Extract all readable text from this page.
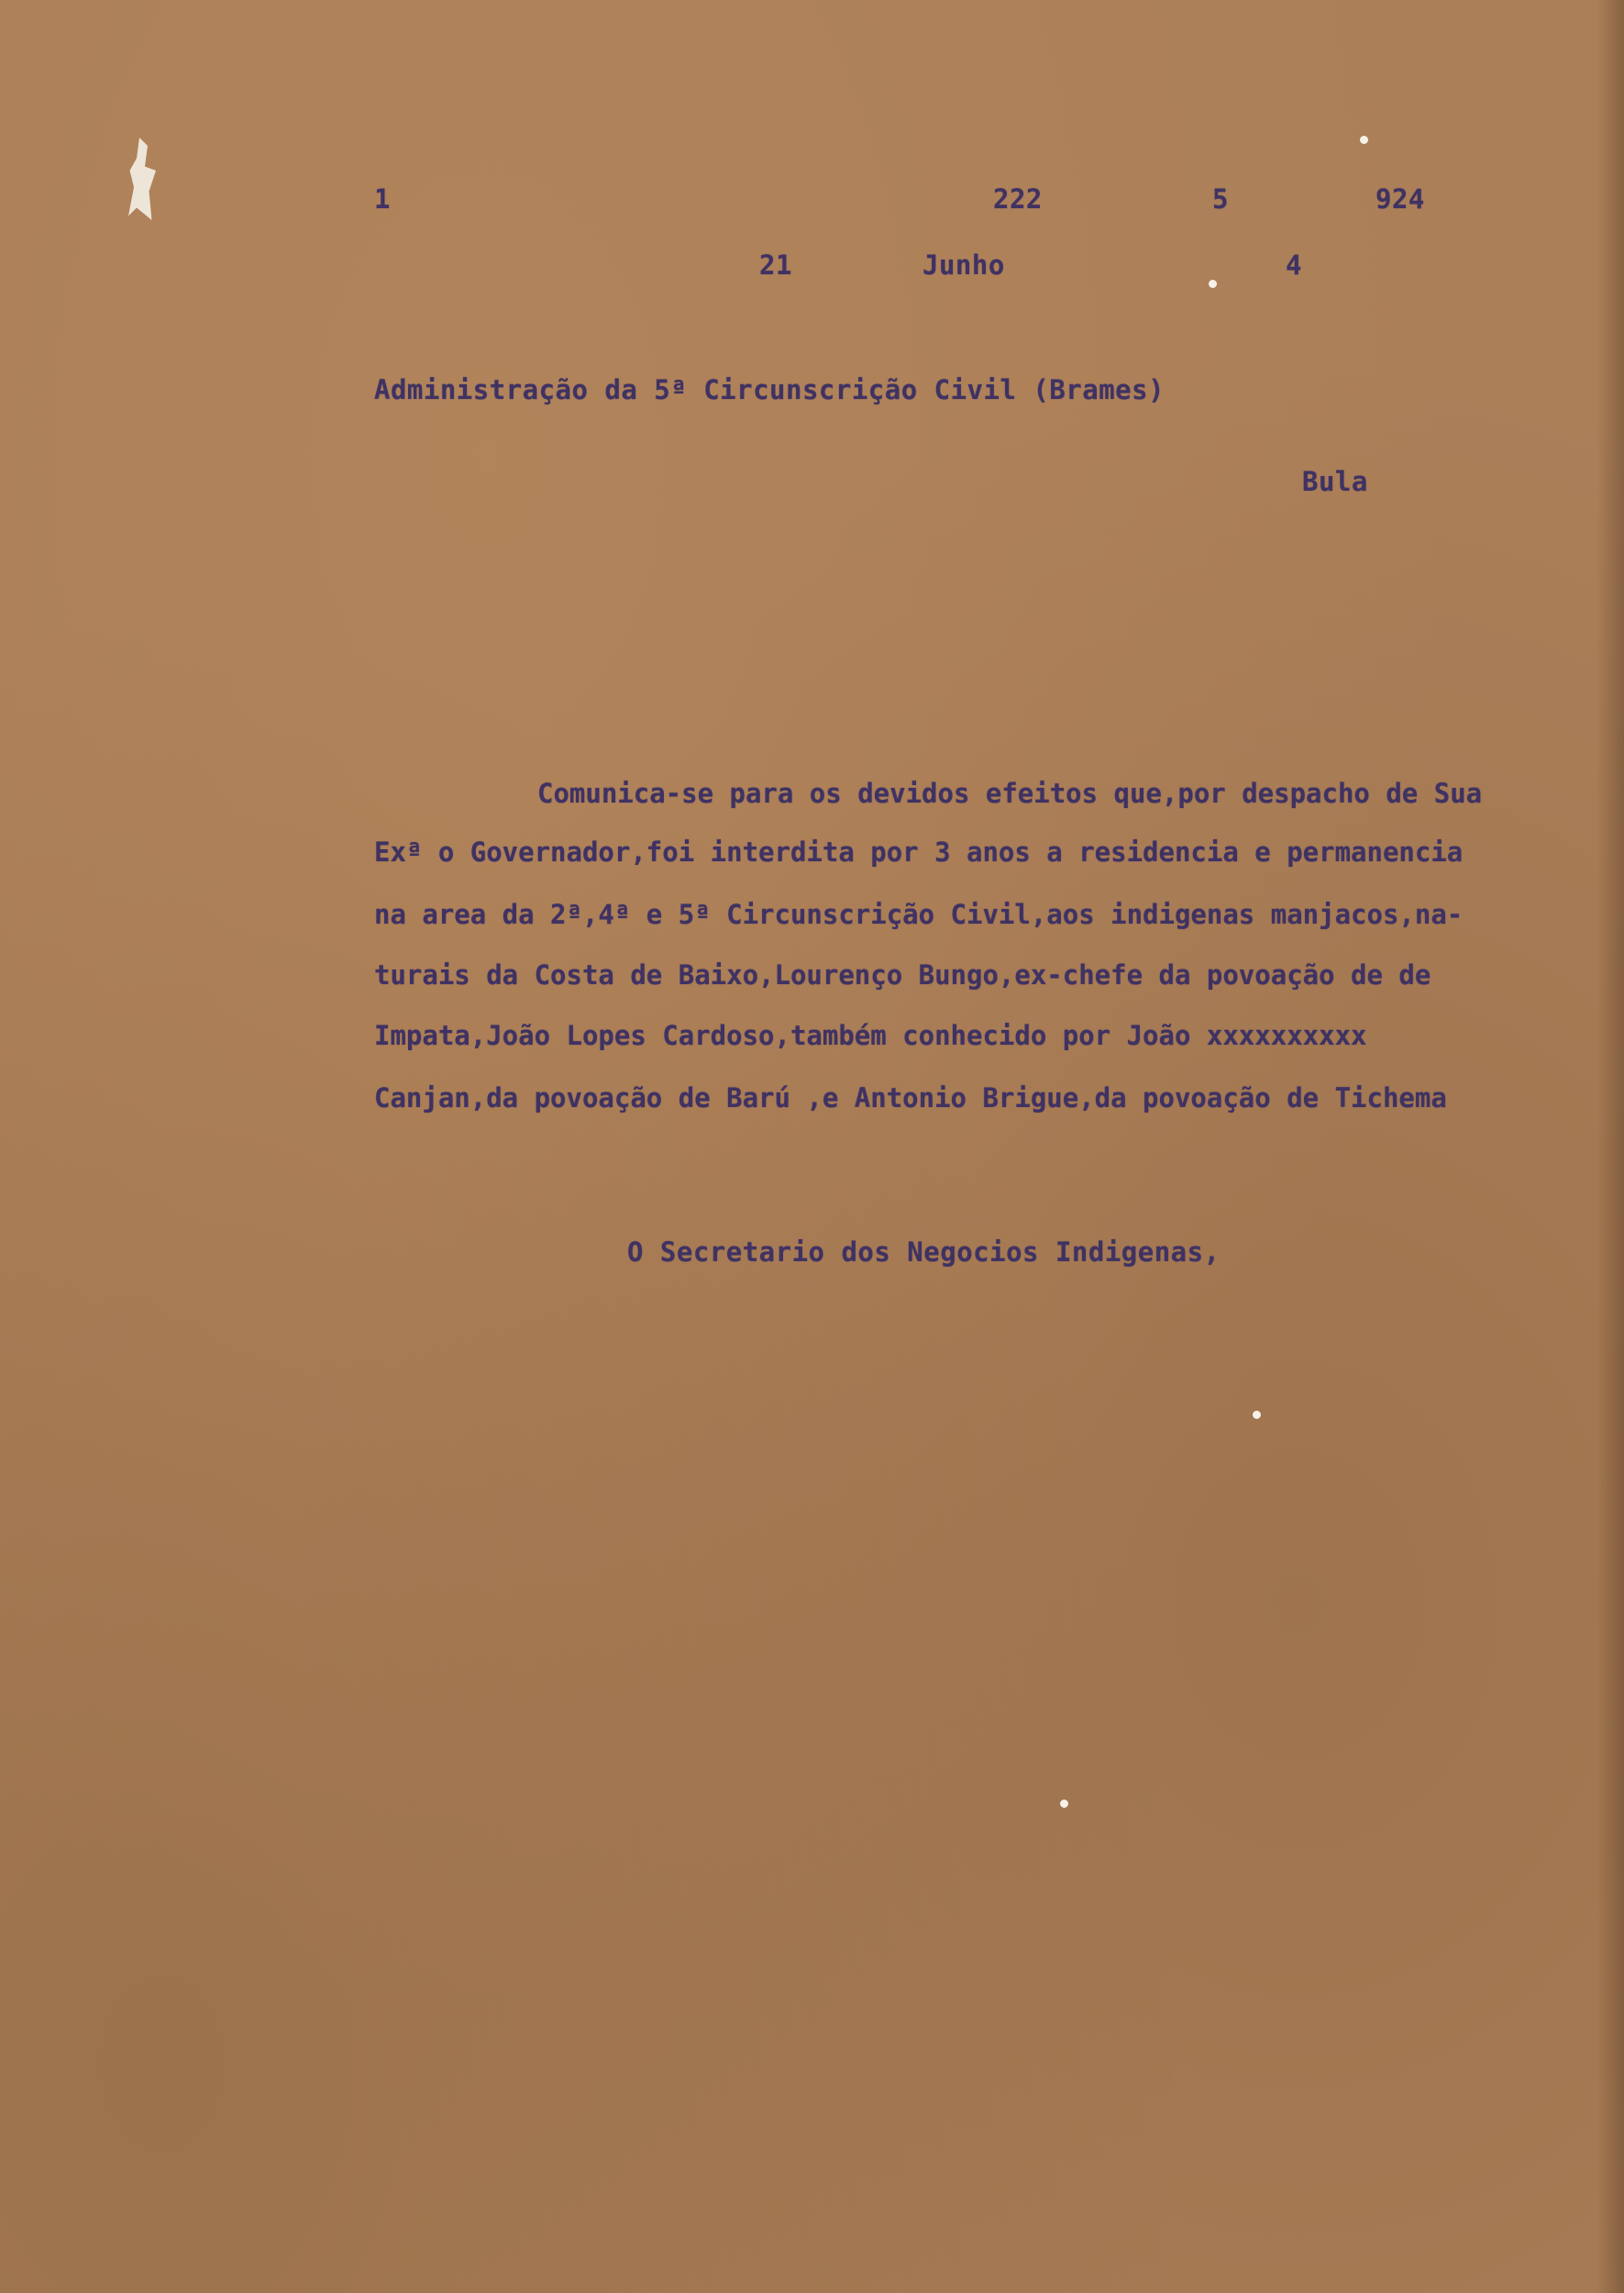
1	222	5	924
21	Junho	4
Administração da 5ª Circunscrição Civil (Brames)
Bula
Comunica-se para os devidos efeitos que,por despacho de Sua
Exª o Governador,foi interdita por 3 anos a residencia e permanencia
na area da 2ª,4ª e 5ª Circunscrição Civil,aos indigenas manjacos,na-
turais da Costa de Baixo,Lourenço Bungo,ex-chefe da povoação de de
Impata,João Lopes Cardoso,também conhecido por João xxxxxxxxxx
Canjan,da povoação de Barú ,e Antonio Brigue,da povoação de Tichema
O Secretario dos Negocios Indigenas,
